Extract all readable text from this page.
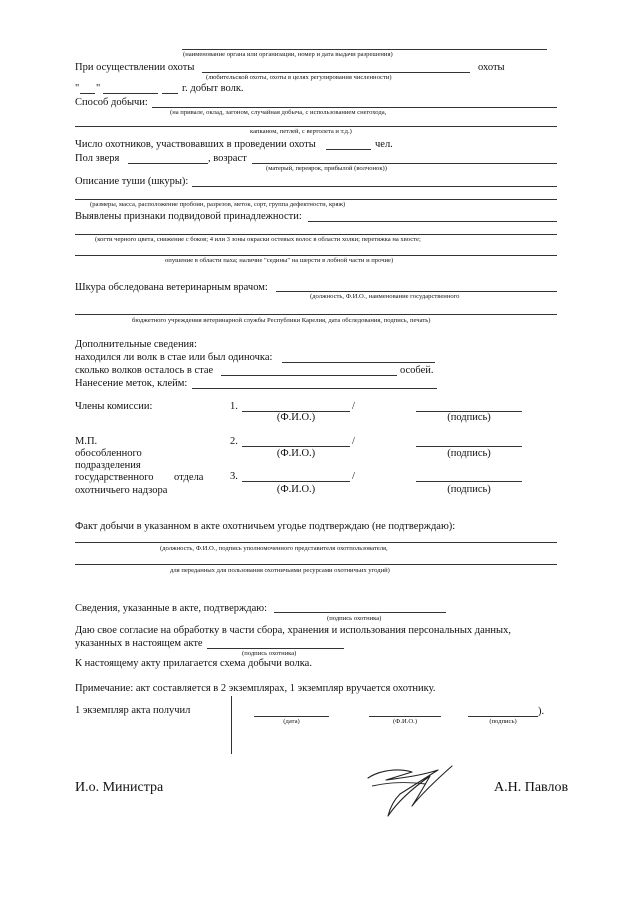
(наименование органа или организации, номер и дата выдачи разрешения)
При осуществлении охоты	охоты
(любительской охоты, охоты в целях регулирования численности)
" "	г. добыт волк.
Способ добычи:
(на привале, оклад, загоном, случайная добыча, с использованием снегохода,
капканом, петлей, с вертолета и т.д.)
Число охотников, участвовавших в проведении охоты	чел.
Пол зверя	, возраст
(матерый, переярок, прибылой (волчонок))
Описание туши (шкуры):
(размеры, масса, расположение пробоин, разрезов, меток, сорт, группа дефектности, кряж)
Выявлены признаки подвидовой принадлежности:
(когти черного цвета, снижение с боков; 4 или 3 зоны окраски остевых волос в области холки; перетяжка на хвосте;
опушение в области паха; наличие "седины" на шерсти в лобной части и прочие)
Шкура обследована ветеринарным врачом:
(должность, Ф.И.О., наименование государственного
бюджетного учреждения ветеринарной службы Республики Карелия, дата обследования, подпись, печать)
Дополнительные сведения:
находился ли волк в стае или был одиночка:
сколько волков осталось в стае	особей.
Нанесение меток, клейм:
Члены комиссии:	1.	/
(Ф.И.О.)	(подпись)
М.П.
обособленного
подразделения
государственного отдела
охотничьего надзора
2.	/
(Ф.И.О.)	(подпись)
3.	/
(Ф.И.О.)	(подпись)
Факт добычи в указанном в акте охотничьем угодье подтверждаю (не подтверждаю):
(должность, Ф.И.О., подпись уполномоченного представителя охотпользователя,
для переданных для пользования охотничьими ресурсами охотничьих угодий)
Сведения, указанные в акте, подтверждаю:
(подпись охотника)
Даю свое согласие на обработку в части сбора, хранения и использования персональных данных,
указанных в настоящем акте
(подпись охотника)
К настоящему акту прилагается схема добычи волка.
Примечание: акт составляется в 2 экземплярах, 1 экземпляр вручается охотнику.
1 экземпляр акта получил
(дата)	(Ф.И.О.)	(подпись)
).
И.о. Министра	А.Н. Павлов
